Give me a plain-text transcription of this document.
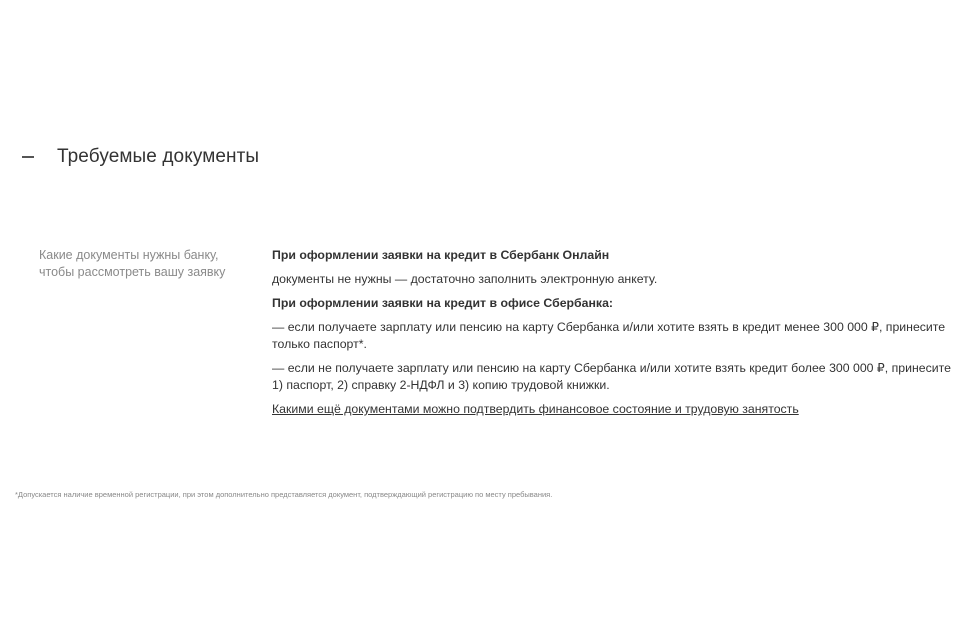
Требуемые документы
Какие документы нужны банку,
чтобы рассмотреть вашу заявку

При оформлении заявки на кредит в Сбербанк Онлайн

документы не нужны — достаточно заполнить электронную анкету.

При оформлении заявки на кредит в офисе Сбербанка:

— если получаете зарплату или пенсию на карту Сбербанка и/или хотите взять в кредит менее 300 000 ₽, принесите только паспорт*.

— если не получаете зарплату или пенсию на карту Сбербанка и/или хотите взять кредит более 300 000 ₽, принесите 1) паспорт, 2) справку 2-НДФЛ и 3) копию трудовой книжки.

Какими ещё документами можно подтвердить финансовое состояние и трудовую занятость

*Допускается наличие временной регистрации, при этом дополнительно представляется документ, подтверждающий регистрацию по месту пребывания.
